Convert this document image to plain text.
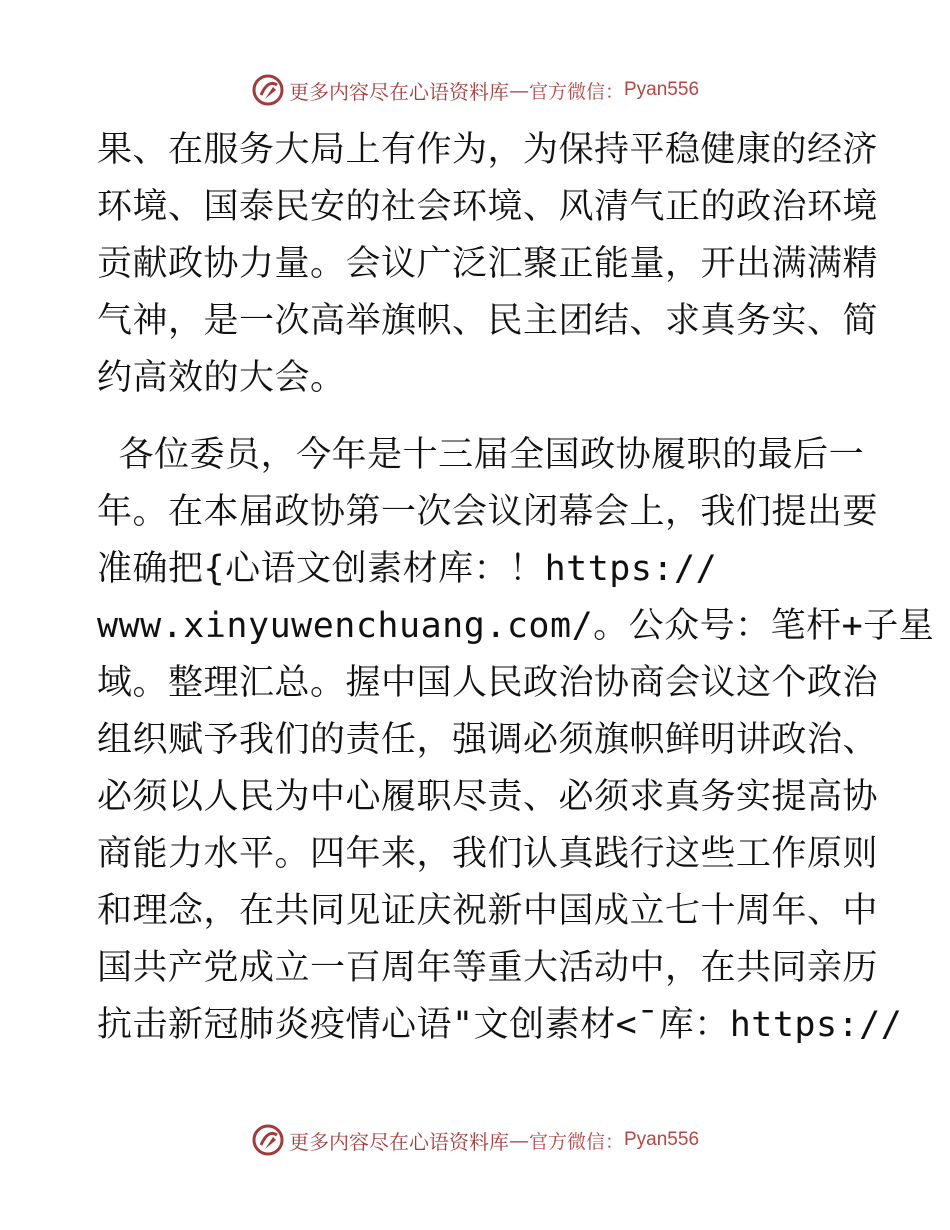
更多内容尽在心语资料库 — 官方微信： Pyan556
果、在服务大局上有作为，为保持平稳健康的经济
环境、国泰民安的社会环境、风清气正的政治环境
贡献政协力量。会议广泛汇聚正能量，开出满满精
气神，是一次高举旗帜、民主团结、求真务实、简
约高效的大会。
各位委员，今年是十三届全国政协履职的最后一
年。在本届政协第一次会议闭幕会上，我们提出要
准确把{心语文创素材库：！https://
www.xinyuwenchuang.com/。公众号：笔杆+子星
域。整理汇总。握中国人民政治协商会议这个政治
组织赋予我们的责任，强调必须旗帜鲜明讲政治、
必须以人民为中心履职尽责、必须求真务实提高协
商能力水平。四年来，我们认真践行这些工作原则
和理念，在共同见证庆祝新中国成立七十周年、中
国共产党成立一百周年等重大活动中，在共同亲历
抗击新冠肺炎疫情心语"文创素材<¯库：https://
更多内容尽在心语资料库 — 官方微信： Pyan556
